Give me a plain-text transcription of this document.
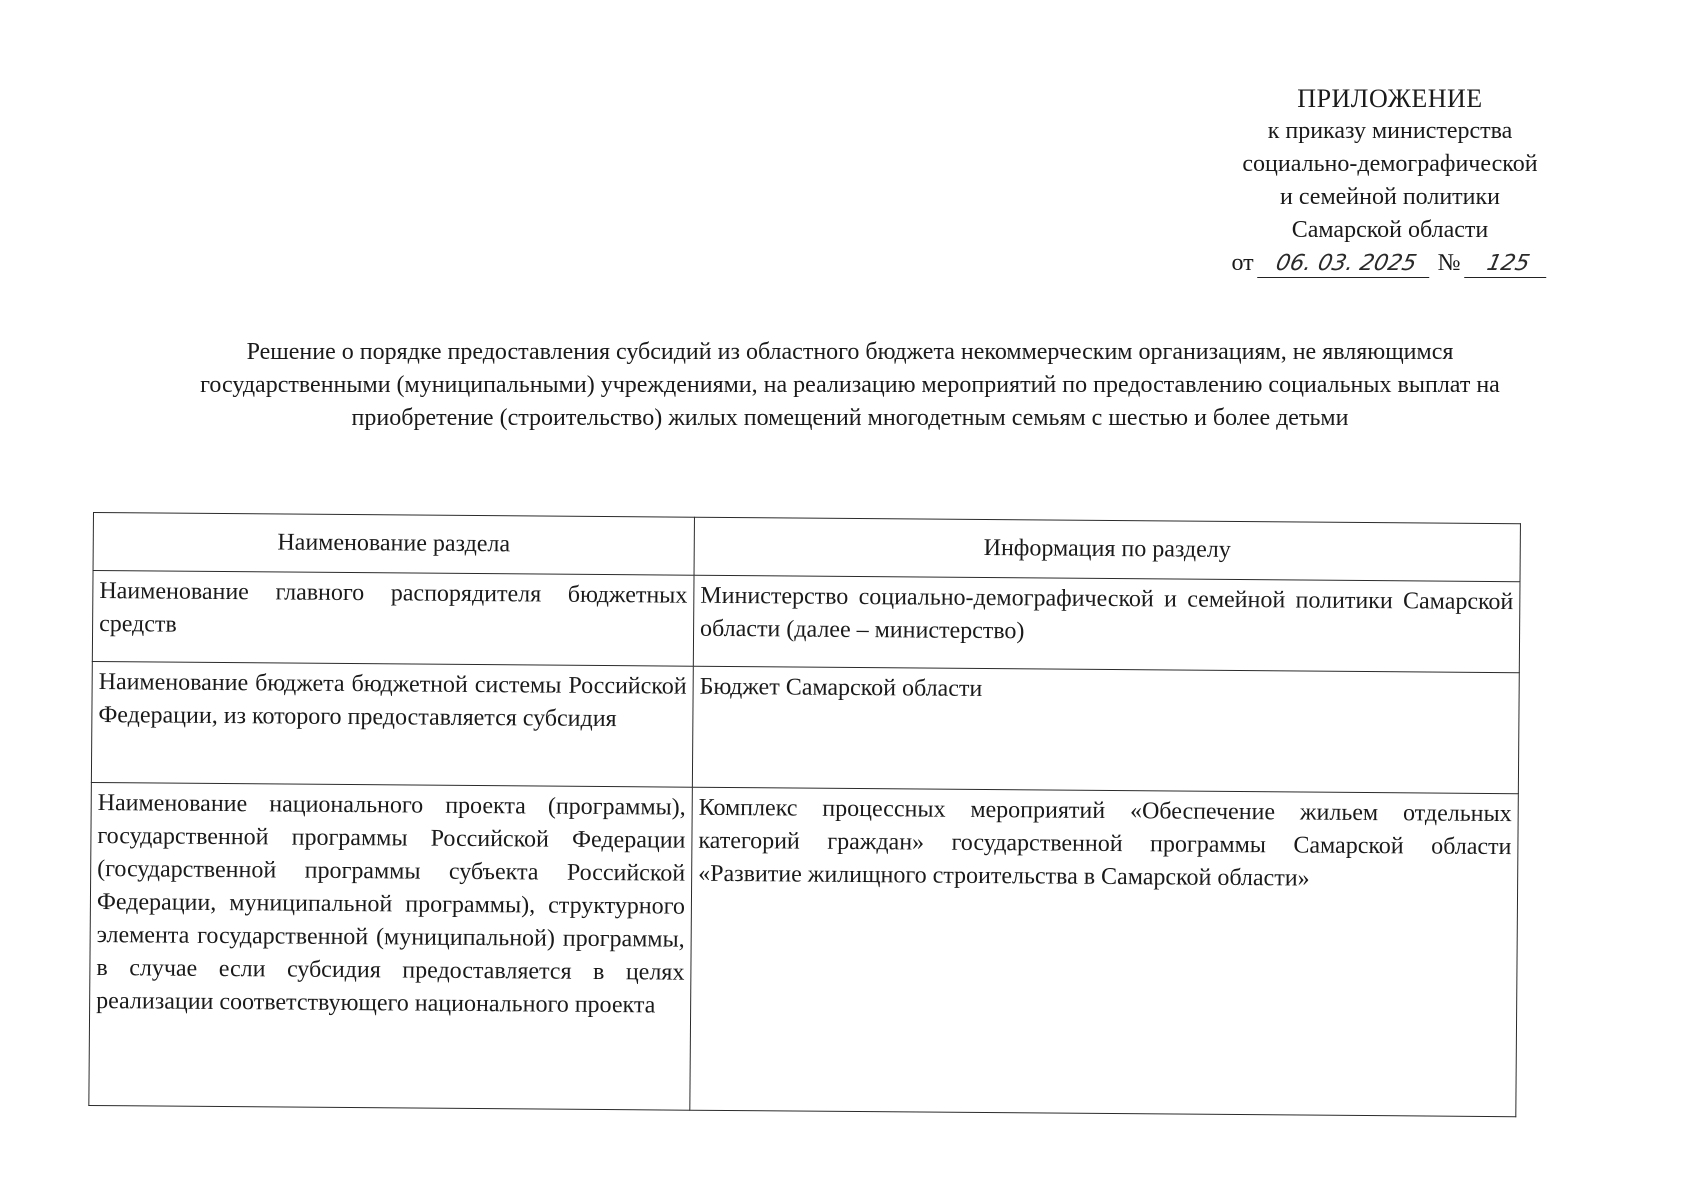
ПРИЛОЖЕНИЕ
к приказу министерства
социально-демографической
и семейной политики
Самарской области
от 06. 03. 2025 №	125
Решение о порядке предоставления субсидий из областного бюджета некоммерческим организациям, не являющимся государственными (муниципальными) учреждениями, на реализацию мероприятий по предоставлению социальных выплат на приобретение (строительство) жилых помещений многодетным семьям с шестью и более детьми
Наименование раздела	Информация по разделу
Наименование главного распорядителя бюджетных средств	Министерство социально-демографической и семейной политики Самарской области (далее – министерство)
Наименование бюджета бюджетной системы Российской Федерации, из которого предоставляется субсидия	Бюджет Самарской области
Наименование национального проекта (программы), государственной программы Российской Федерации (государственной программы субъекта Российской Федерации, муниципальной программы), структурного элемента государственной (муниципальной) программы, в случае если субсидия предоставляется в целях реализации соответствующего национального проекта	Комплекс процессных мероприятий «Обеспечение жильем отдельных категорий граждан» государственной программы Самарской области «Развитие жилищного строительства в Самарской области»
